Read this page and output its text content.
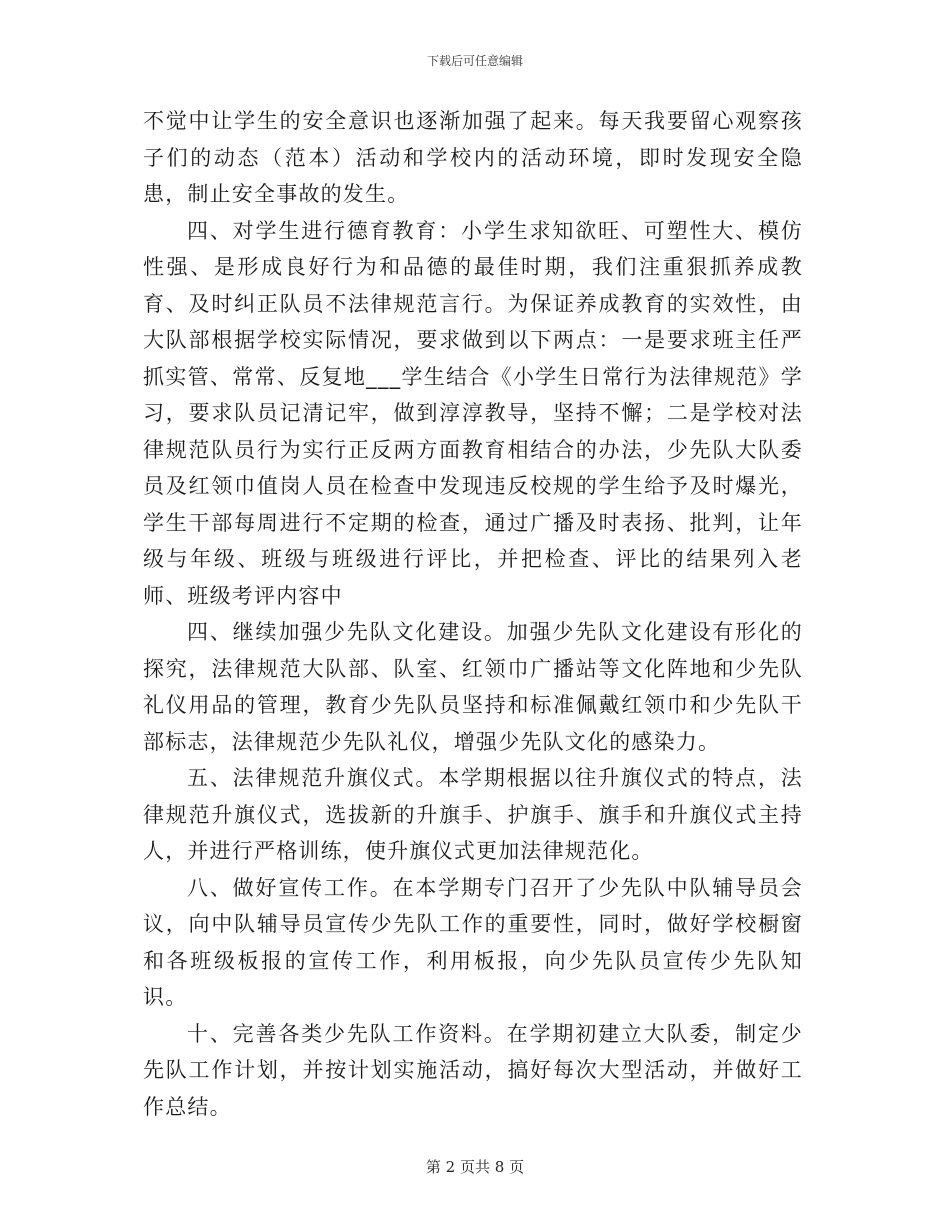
下载后可任意编辑

不觉中让学生的安全意识也逐渐加强了起来。每天我要留心观察孩子们的动态（范本）活动和学校内的活动环境，即时发现安全隐患，制止安全事故的发生。

四、对学生进行德育教育：小学生求知欲旺、可塑性大、模仿性强、是形成良好行为和品德的最佳时期，我们注重狠抓养成教育、及时纠正队员不法律规范言行。为保证养成教育的实效性，由大队部根据学校实际情况，要求做到以下两点：一是要求班主任严抓实管、常常、反复地___学生结合《小学生日常行为法律规范》学习，要求队员记清记牢，做到淳淳教导，坚持不懈；二是学校对法律规范队员行为实行正反两方面教育相结合的办法，少先队大队委员及红领巾值岗人员在检查中发现违反校规的学生给予及时爆光，学生干部每周进行不定期的检查，通过广播及时表扬、批判，让年级与年级、班级与班级进行评比，并把检查、评比的结果列入老师、班级考评内容中

四、继续加强少先队文化建设。加强少先队文化建设有形化的探究，法律规范大队部、队室、红领巾广播站等文化阵地和少先队礼仪用品的管理，教育少先队员坚持和标准佩戴红领巾和少先队干部标志，法律规范少先队礼仪，增强少先队文化的感染力。

五、法律规范升旗仪式。本学期根据以往升旗仪式的特点，法律规范升旗仪式，选拔新的升旗手、护旗手、旗手和升旗仪式主持人，并进行严格训练，使升旗仪式更加法律规范化。

八、做好宣传工作。在本学期专门召开了少先队中队辅导员会议，向中队辅导员宣传少先队工作的重要性，同时，做好学校橱窗和各班级板报的宣传工作，利用板报，向少先队员宣传少先队知识。

十、完善各类少先队工作资料。在学期初建立大队委，制定少先队工作计划，并按计划实施活动，搞好每次大型活动，并做好工作总结。

第 2 页共 8 页
